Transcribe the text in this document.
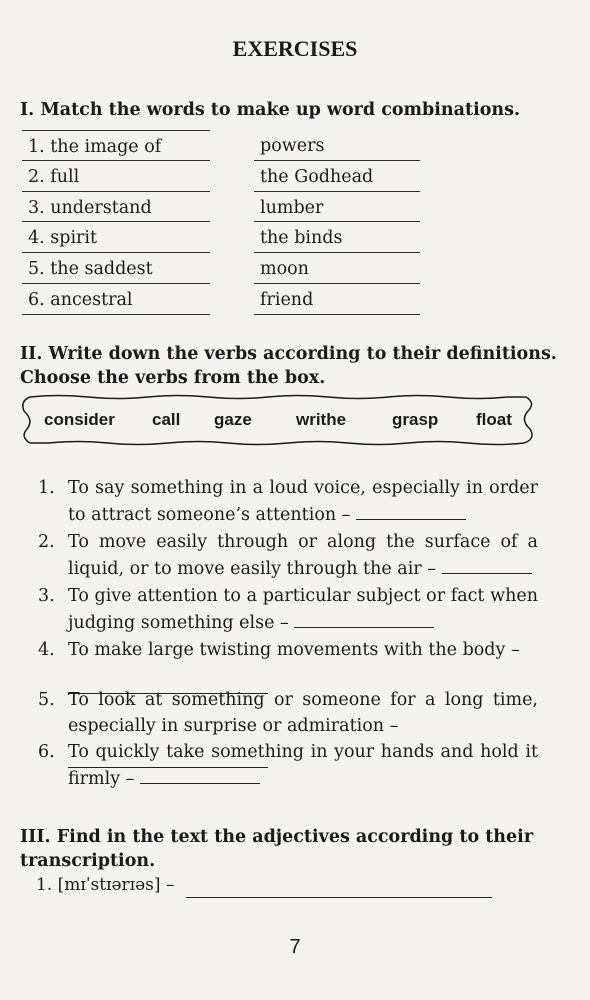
EXERCISES
I. Match the words to make up word combinations.
1. the image of
2. full
3. understand
4. spirit
5. the saddest
6. ancestral
powers
the Godhead
lumber
the binds
moon
friend
II. Write down the verbs according to their definitions.
Choose the verbs from the box.
consider call gaze	writhe	grasp float
1. To say something in a loud voice, especially in order to attract someone’s attention –
2. To move easily through or along the surface of a liquid, or to move easily through the air –
3. To give attention to a particular subject or fact when judging something else –
4. To make large twisting movements with the body –
5. To look at something or someone for a long time, especially in surprise or admiration –
6. To quickly take something in your hands and hold it firmly –
III. Find in the text the adjectives according to their
transcription.
1. [mɪˈstɪərɪəs] –
7
